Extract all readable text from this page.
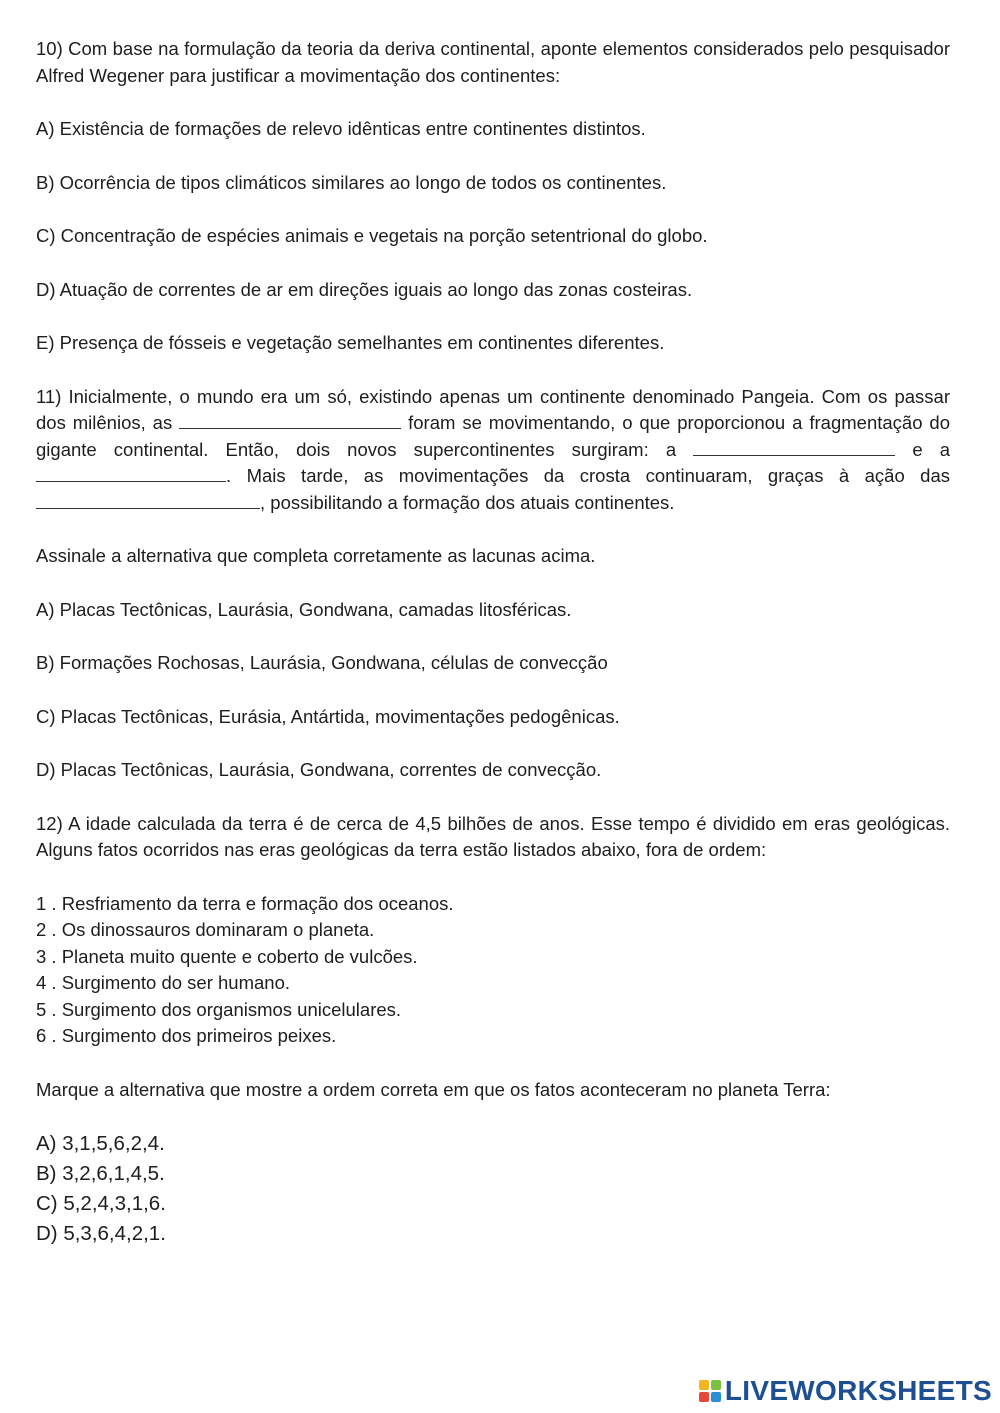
10) Com base na formulação da teoria da deriva continental, aponte elementos considerados pelo pesquisador Alfred Wegener para justificar a movimentação dos continentes:

A) Existência de formações de relevo idênticas entre continentes distintos.

B) Ocorrência de tipos climáticos similares ao longo de todos os continentes.

C) Concentração de espécies animais e vegetais na porção setentrional do globo.

D) Atuação de correntes de ar em direções iguais ao longo das zonas costeiras.

E) Presença de fósseis e vegetação semelhantes em continentes diferentes.

11) Inicialmente, o mundo era um só, existindo apenas um continente denominado Pangeia. Com os passar dos milênios, as	foram se movimentando, o que proporcionou a fragmentação do gigante continental. Então, dois novos supercontinentes surgiram: a	e a . Mais tarde, as movimentações da crosta continuaram, graças à ação das , possibilitando a formação dos atuais continentes.

Assinale a alternativa que completa corretamente as lacunas acima.

A) Placas Tectônicas, Laurásia, Gondwana, camadas litosféricas.

B) Formações Rochosas, Laurásia, Gondwana, células de convecção

C) Placas Tectônicas, Eurásia, Antártida, movimentações pedogênicas.

D) Placas Tectônicas, Laurásia, Gondwana, correntes de convecção.

12) A idade calculada da terra é de cerca de 4,5 bilhões de anos. Esse tempo é dividido em eras geológicas. Alguns fatos ocorridos nas eras geológicas da terra estão listados abaixo, fora de ordem:

1 . Resfriamento da terra e formação dos oceanos.

2 . Os dinossauros dominaram o planeta.

3 . Planeta muito quente e coberto de vulcões.

4 . Surgimento do ser humano.

5 . Surgimento dos organismos unicelulares.

6 . Surgimento dos primeiros peixes.

Marque a alternativa que mostre a ordem correta em que os fatos aconteceram no planeta Terra:

A) 3,1,5,6,2,4.

B) 3,2,6,1,4,5.

C) 5,2,4,3,1,6.

D) 5,3,6,4,2,1.

LIVEWORKSHEETS
